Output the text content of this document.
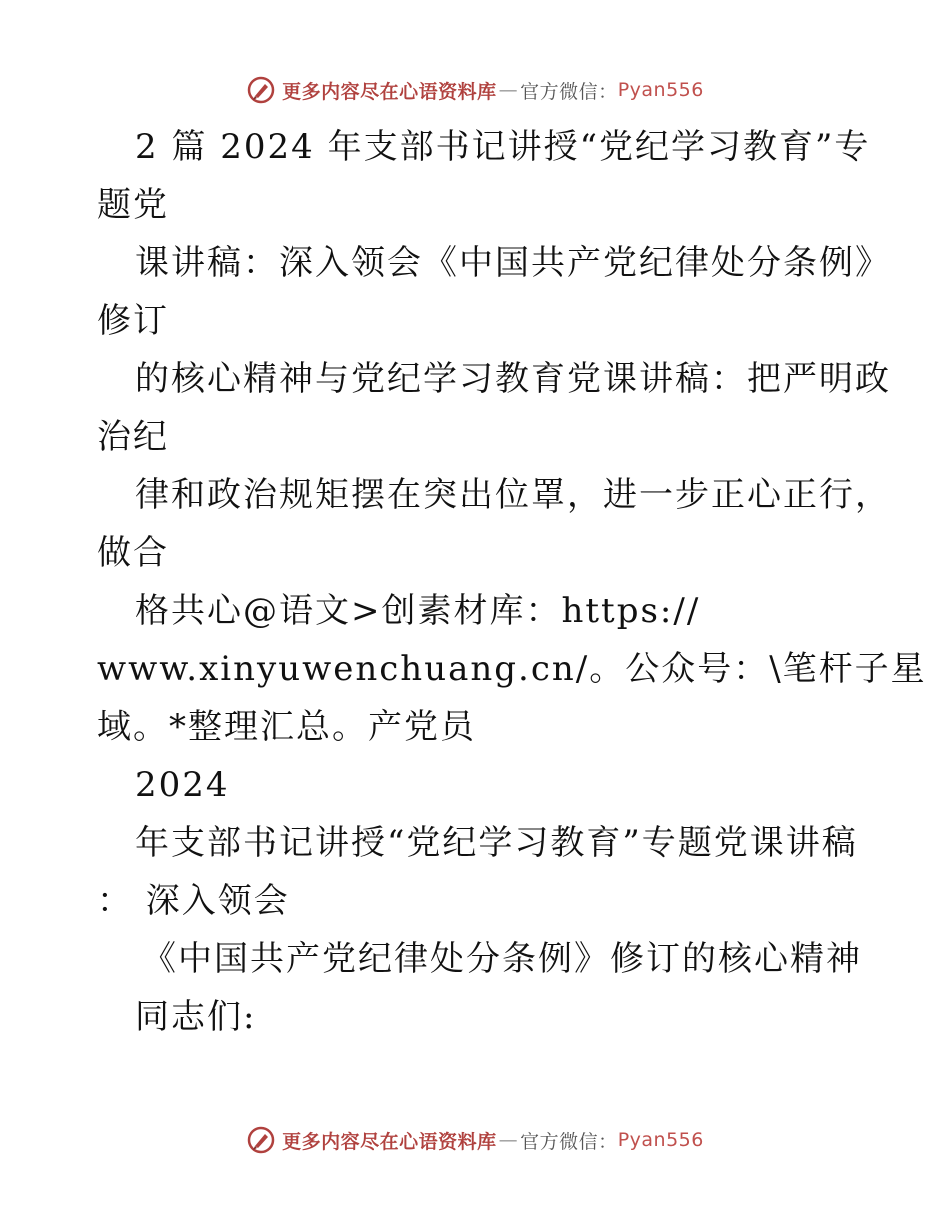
更多内容尽在心语资料库 — 官方微信： Pyan556
2 篇 2024 年支部书记讲授“党纪学习教育”专
题党
课讲稿：深入领会《中国共产党纪律处分条例》
修订
的核心精神与党纪学习教育党课讲稿：把严明政
治纪
律和政治规矩摆在突出位罩，进一步正心正行，
做合
格共心@语文>创素材库：https://
www.xinyuwenchuang.cn/。公众号：\笔杆子星
域。*整理汇总。产党员
2024
年支部书记讲授“党纪学习教育”专题党课讲稿
： 深入领会
《中国共产党纪律处分条例》修订的核心精神
同志们:
更多内容尽在心语资料库 — 官方微信： Pyan556
